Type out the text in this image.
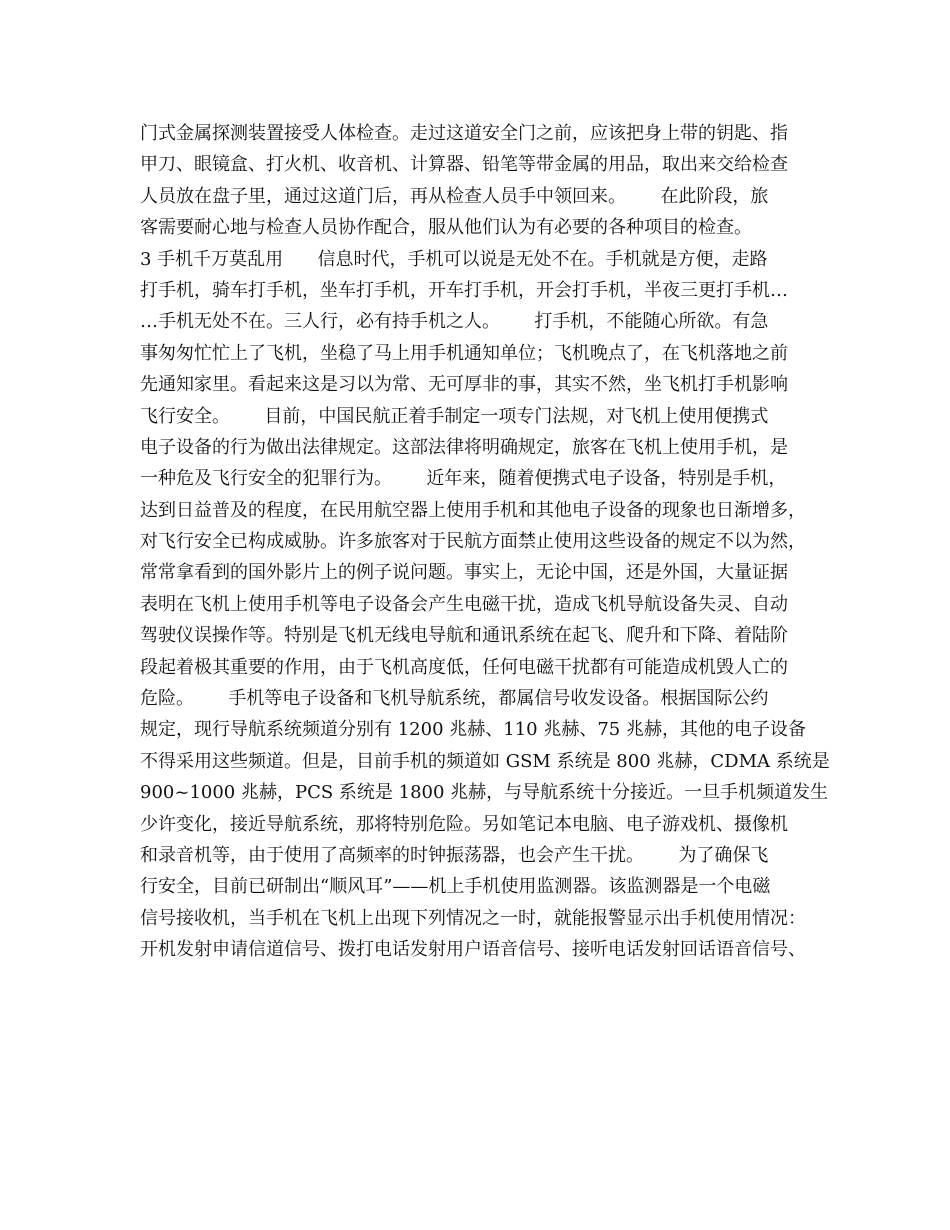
门式金属探测装置接受人体检查。走过这道安全门之前，应该把身上带的钥匙、指
甲刀、眼镜盒、打火机、收音机、计算器、铅笔等带金属的用品，取出来交给检查
人员放在盘子里，通过这道门后，再从检查人员手中领回来。      在此阶段，旅
客需要耐心地与检查人员协作配合，服从他们认为有必要的各种项目的检查。
3 手机千万莫乱用      信息时代，手机可以说是无处不在。手机就是方便，走路
打手机，骑车打手机，坐车打手机，开车打手机，开会打手机，半夜三更打手机…
…手机无处不在。三人行，必有持手机之人。      打手机，不能随心所欲。有急
事匆匆忙忙上了飞机，坐稳了马上用手机通知单位；飞机晚点了，在飞机落地之前
先通知家里。看起来这是习以为常、无可厚非的事，其实不然，坐飞机打手机影响
飞行安全。      目前，中国民航正着手制定一项专门法规，对飞机上使用便携式
电子设备的行为做出法律规定。这部法律将明确规定，旅客在飞机上使用手机，是
一种危及飞行安全的犯罪行为。      近年来，随着便携式电子设备，特别是手机，
达到日益普及的程度，在民用航空器上使用手机和其他电子设备的现象也日渐增多，
对飞行安全已构成威胁。许多旅客对于民航方面禁止使用这些设备的规定不以为然，
常常拿看到的国外影片上的例子说问题。事实上，无论中国，还是外国，大量证据
表明在飞机上使用手机等电子设备会产生电磁干扰，造成飞机导航设备失灵、自动
驾驶仪误操作等。特别是飞机无线电导航和通讯系统在起飞、爬升和下降、着陆阶
段起着极其重要的作用，由于飞机高度低，任何电磁干扰都有可能造成机毁人亡的
危险。      手机等电子设备和飞机导航系统，都属信号收发设备。根据国际公约
规定，现行导航系统频道分别有 1200 兆赫、110 兆赫、75 兆赫，其他的电子设备
不得采用这些频道。但是，目前手机的频道如 GSM 系统是 800 兆赫，CDMA 系统是
900~1000 兆赫，PCS 系统是 1800 兆赫，与导航系统十分接近。一旦手机频道发生
少许变化，接近导航系统，那将特别危险。另如笔记本电脑、电子游戏机、摄像机
和录音机等，由于使用了高频率的时钟振荡器，也会产生干扰。      为了确保飞
行安全，目前已研制出“顺风耳”——机上手机使用监测器。该监测器是一个电磁
信号接收机，当手机在飞机上出现下列情况之一时，就能报警显示出手机使用情况：
开机发射申请信道信号、拨打电话发射用户语音信号、接听电话发射回话语音信号、
